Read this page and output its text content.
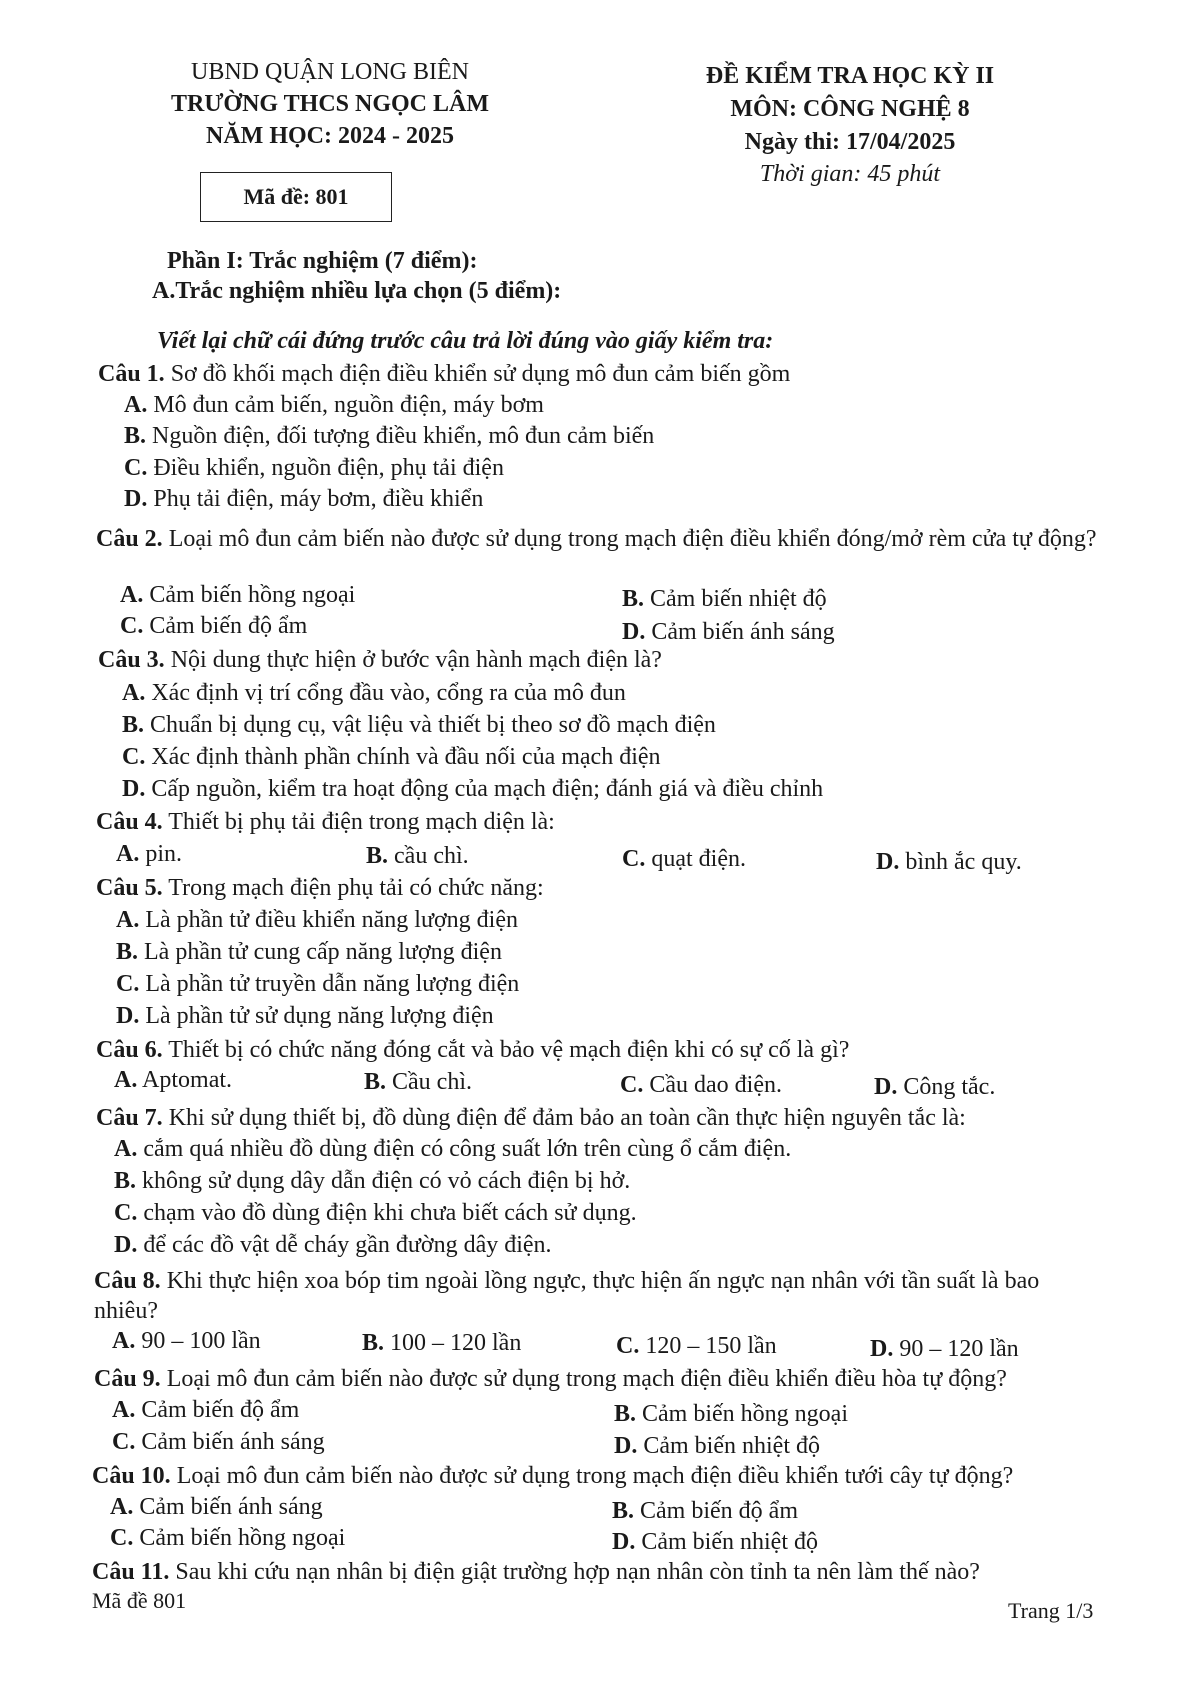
UBND QUẬN LONG BIÊN
TRƯỜNG THCS NGỌC LÂM
NĂM HỌC: 2024 - 2025
Mã đề: 801
ĐỀ KIỂM TRA HỌC KỲ II
MÔN: CÔNG NGHỆ 8
Ngày thi: 17/04/2025
Thời gian: 45 phút
Phần I: Trắc nghiệm (7 điểm):
A.Trắc nghiệm nhiều lựa chọn (5 điểm):
Viết lại chữ cái đứng trước câu trả lời đúng vào giấy kiểm tra:
Câu 1. Sơ đồ khối mạch điện điều khiển sử dụng mô đun cảm biến gồm
A. Mô đun cảm biến, nguồn điện, máy bơm
B. Nguồn điện, đối tượng điều khiển, mô đun cảm biến
C. Điều khiển, nguồn điện, phụ tải điện
D. Phụ tải điện, máy bơm, điều khiển
Câu 2. Loại mô đun cảm biến nào được sử dụng trong mạch điện điều khiển đóng/mở rèm cửa tự động?
A. Cảm biến hồng ngoại	B. Cảm biến nhiệt độ
C. Cảm biến độ ẩm	D. Cảm biến ánh sáng
Câu 3. Nội dung thực hiện ở bước vận hành mạch điện là?
A. Xác định vị trí cổng đầu vào, cổng ra của mô đun
B. Chuẩn bị dụng cụ, vật liệu và thiết bị theo sơ đồ mạch điện
C. Xác định thành phần chính và đầu nối của mạch điện
D. Cấp nguồn, kiểm tra hoạt động của mạch điện; đánh giá và điều chỉnh
Câu 4. Thiết bị phụ tải điện trong mạch diện là:
A. pin.	B. cầu chì.	C. quạt điện.	D. bình ắc quy.
Câu 5. Trong mạch điện phụ tải có chức năng:
A. Là phần tử điều khiển năng lượng điện
B. Là phần tử cung cấp năng lượng điện
C. Là phần tử truyền dẫn năng lượng điện
D. Là phần tử sử dụng năng lượng điện
Câu 6. Thiết bị có chức năng đóng cắt và bảo vệ mạch điện khi có sự cố là gì?
A. Aptomat.	B. Cầu chì.	C. Cầu dao điện.	D. Công tắc.
Câu 7. Khi sử dụng thiết bị, đồ dùng điện để đảm bảo an toàn cần thực hiện nguyên tắc là:
A. cắm quá nhiều đồ dùng điện có công suất lớn trên cùng ổ cắm điện.
B. không sử dụng dây dẫn điện có vỏ cách điện bị hở.
C. chạm vào đồ dùng điện khi chưa biết cách sử dụng.
D. để các đồ vật dễ cháy gần đường dây điện.
Câu 8. Khi thực hiện xoa bóp tim ngoài lồng ngực, thực hiện ấn ngực nạn nhân với tần suất là bao nhiêu?
A. 90 – 100 lần	B. 100 – 120 lần	C. 120 – 150 lần	D. 90 – 120 lần
Câu 9. Loại mô đun cảm biến nào được sử dụng trong mạch điện điều khiển điều hòa tự động?
A. Cảm biến độ ẩm	B. Cảm biến hồng ngoại
C. Cảm biến ánh sáng	D. Cảm biến nhiệt độ
Câu 10. Loại mô đun cảm biến nào được sử dụng trong mạch điện điều khiển tưới cây tự động?
A. Cảm biến ánh sáng	B. Cảm biến độ ẩm
C. Cảm biến hồng ngoại	D. Cảm biến nhiệt độ
Câu 11. Sau khi cứu nạn nhân bị điện giật trường hợp nạn nhân còn tỉnh ta nên làm thế nào?
Mã đề 801	Trang 1/3
